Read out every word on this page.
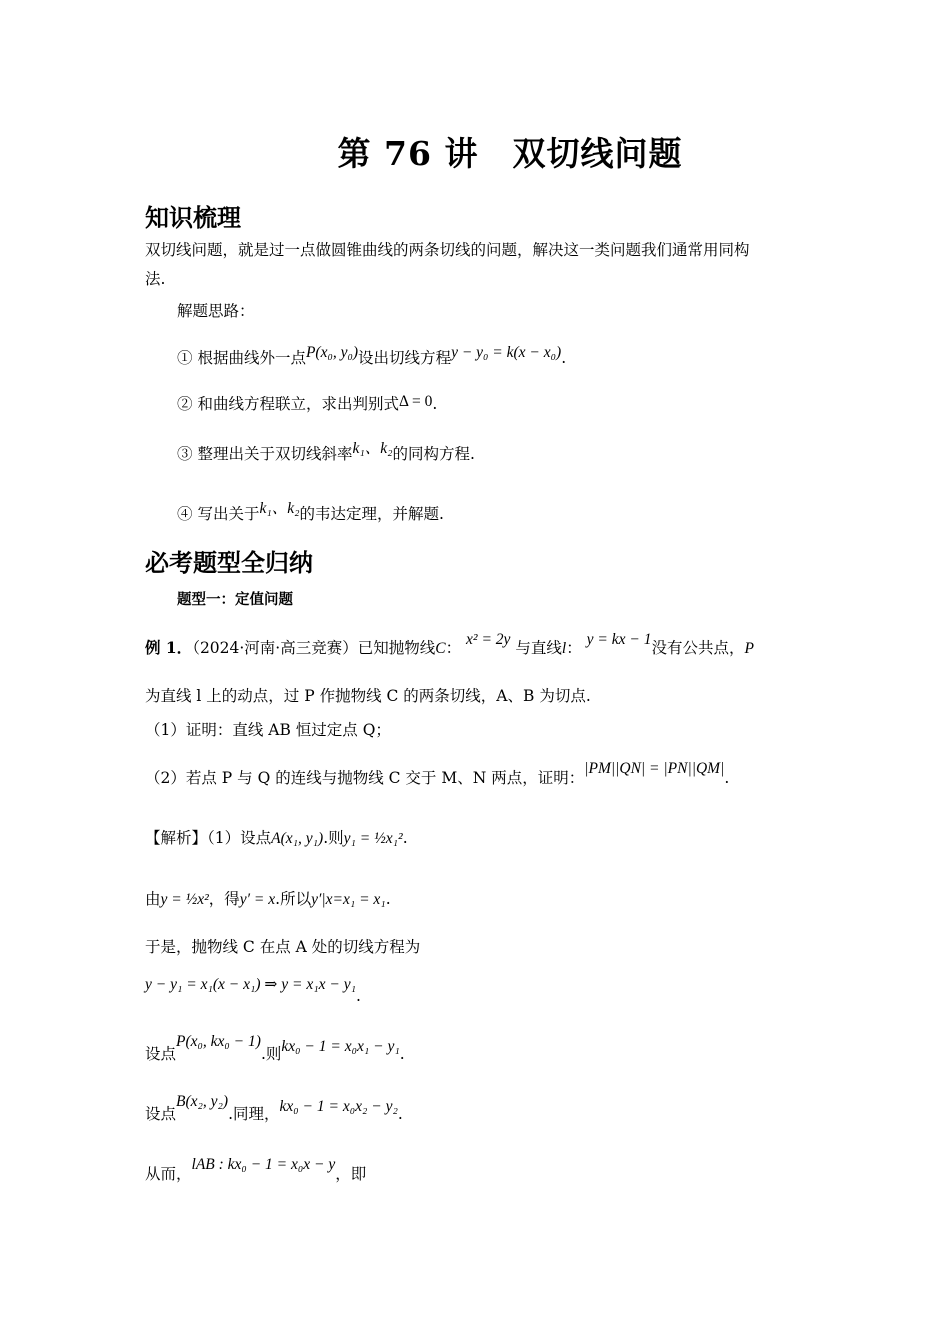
第 76 讲　双切线问题
知识梳理
双切线问题，就是过一点做圆锥曲线的两条切线的问题，解决这一类问题我们通常用同构
法.
解题思路：
① 根据曲线外一点P(x₀, y₀)设出切线方程y − y₀ = k(x − x₀).
② 和曲线方程联立，求出判别式Δ = 0.
③ 整理出关于双切线斜率k₁、k₂的同构方程.
④ 写出关于k₁、k₂的韦达定理，并解题.
必考题型全归纳
题型一：定值问题
例 1．（2024·河南·高三竞赛）已知抛物线C： x² = 2y 与直线l： y = kx − 1没有公共点，P
为直线 l 上的动点，过 P 作抛物线 C 的两条切线，A、B 为切点.
（1）证明：直线 AB 恒过定点 Q；
（2）若点 P 与 Q 的连线与抛物线 C 交于 M、N 两点，证明：|PM||QN| = |PN||QM|.
【解析】（1）设点A(x₁, y₁).则y₁ = ½x₁².
由y = ½x²，得y′ = x.所以y′|x=x₁ = x₁.
于是，抛物线 C 在点 A 处的切线方程为
y − y₁ = x₁(x − x₁) ⇒ y = x₁x − y₁.
设点P(x₀, kx₀ − 1).则kx₀ − 1 = x₀x₁ − y₁.
设点B(x₂, y₂).同理，kx₀ − 1 = x₀x₂ − y₂.
从而，lAB : kx₀ − 1 = x₀x − y，即
